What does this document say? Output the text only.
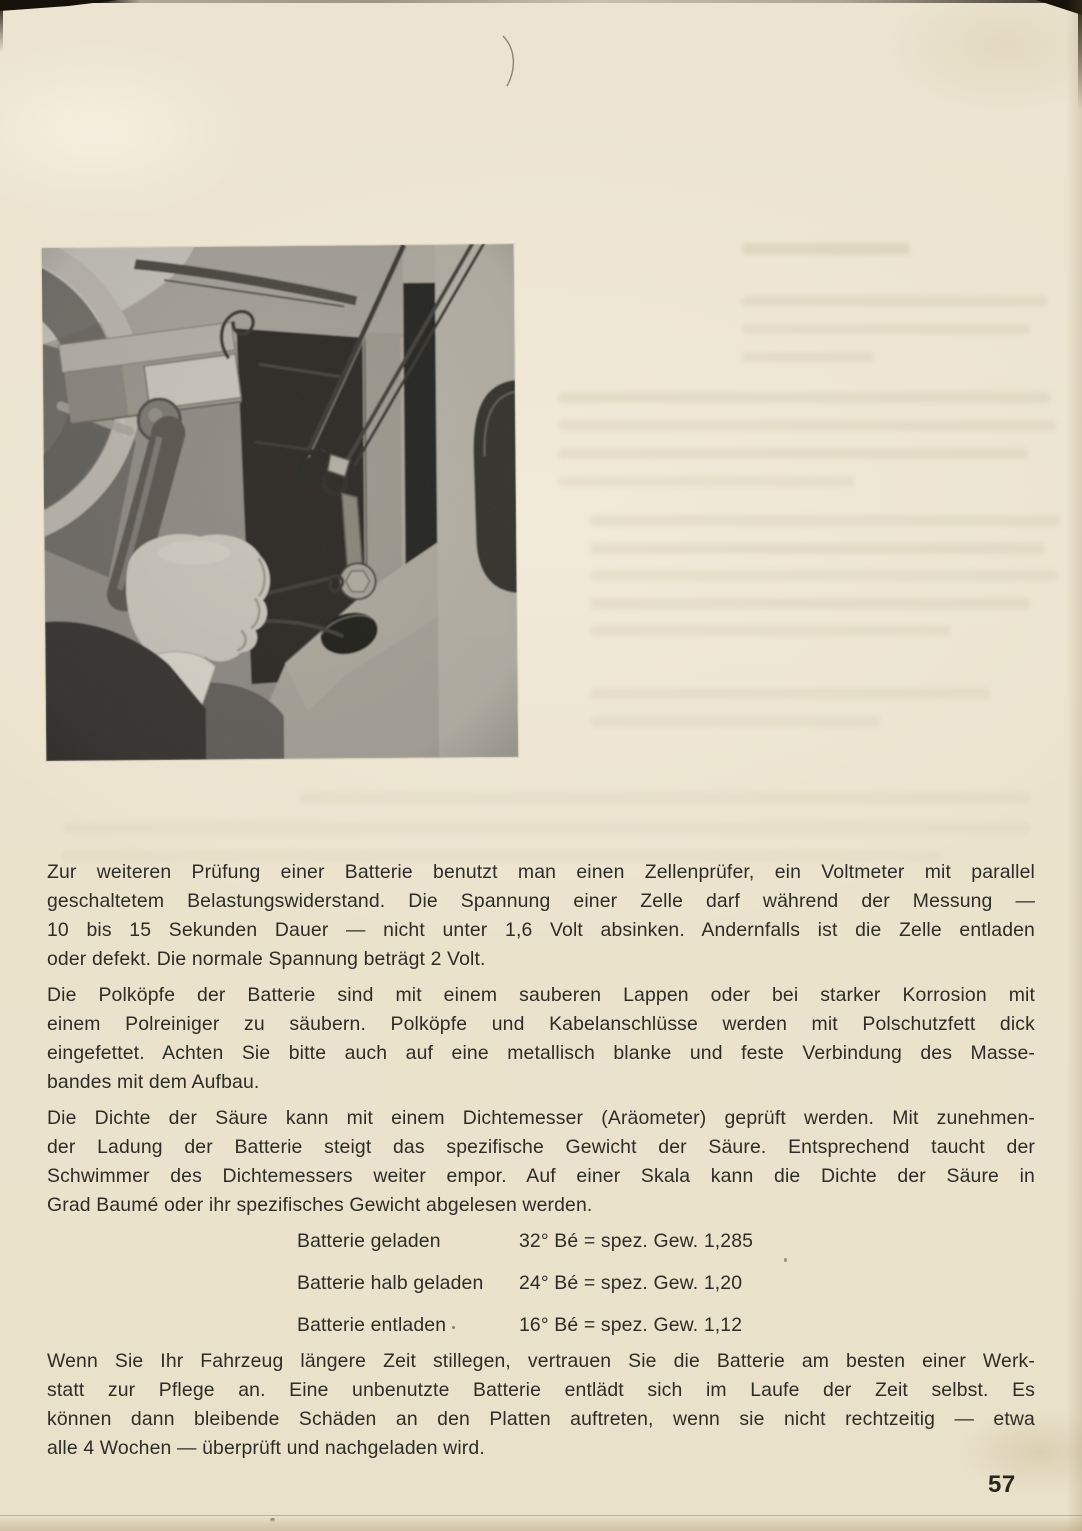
Zur weiteren Prüfung einer Batterie benutzt man einen Zellenprüfer, ein Voltmeter mit parallel
geschaltetem Belastungswiderstand. Die Spannung einer Zelle darf während der Messung —
10 bis 15 Sekunden Dauer — nicht unter 1,6 Volt absinken. Andernfalls ist die Zelle entladen
oder defekt. Die normale Spannung beträgt 2 Volt.
Die Polköpfe der Batterie sind mit einem sauberen Lappen oder bei starker Korrosion mit
einem Polreiniger zu säubern. Polköpfe und Kabelanschlüsse werden mit Polschutzfett dick
eingefettet. Achten Sie bitte auch auf eine metallisch blanke und feste Verbindung des Masse-
bandes mit dem Aufbau.
Die Dichte der Säure kann mit einem Dichtemesser (Aräometer) geprüft werden. Mit zunehmen-
der Ladung der Batterie steigt das spezifische Gewicht der Säure. Entsprechend taucht der
Schwimmer des Dichtemessers weiter empor. Auf einer Skala kann die Dichte der Säure in
Grad Baumé oder ihr spezifisches Gewicht abgelesen werden.
Batterie geladen	32° Bé = spez. Gew. 1,285
Batterie halb geladen 24° Bé = spez. Gew. 1,20
Batterie entladen	16° Bé = spez. Gew. 1,12
Wenn Sie Ihr Fahrzeug längere Zeit stillegen, vertrauen Sie die Batterie am besten einer Werk-
statt zur Pflege an. Eine unbenutzte Batterie entlädt sich im Laufe der Zeit selbst. Es
können dann bleibende Schäden an den Platten auftreten, wenn sie nicht rechtzeitig — etwa
alle 4 Wochen — überprüft und nachgeladen wird.
57
